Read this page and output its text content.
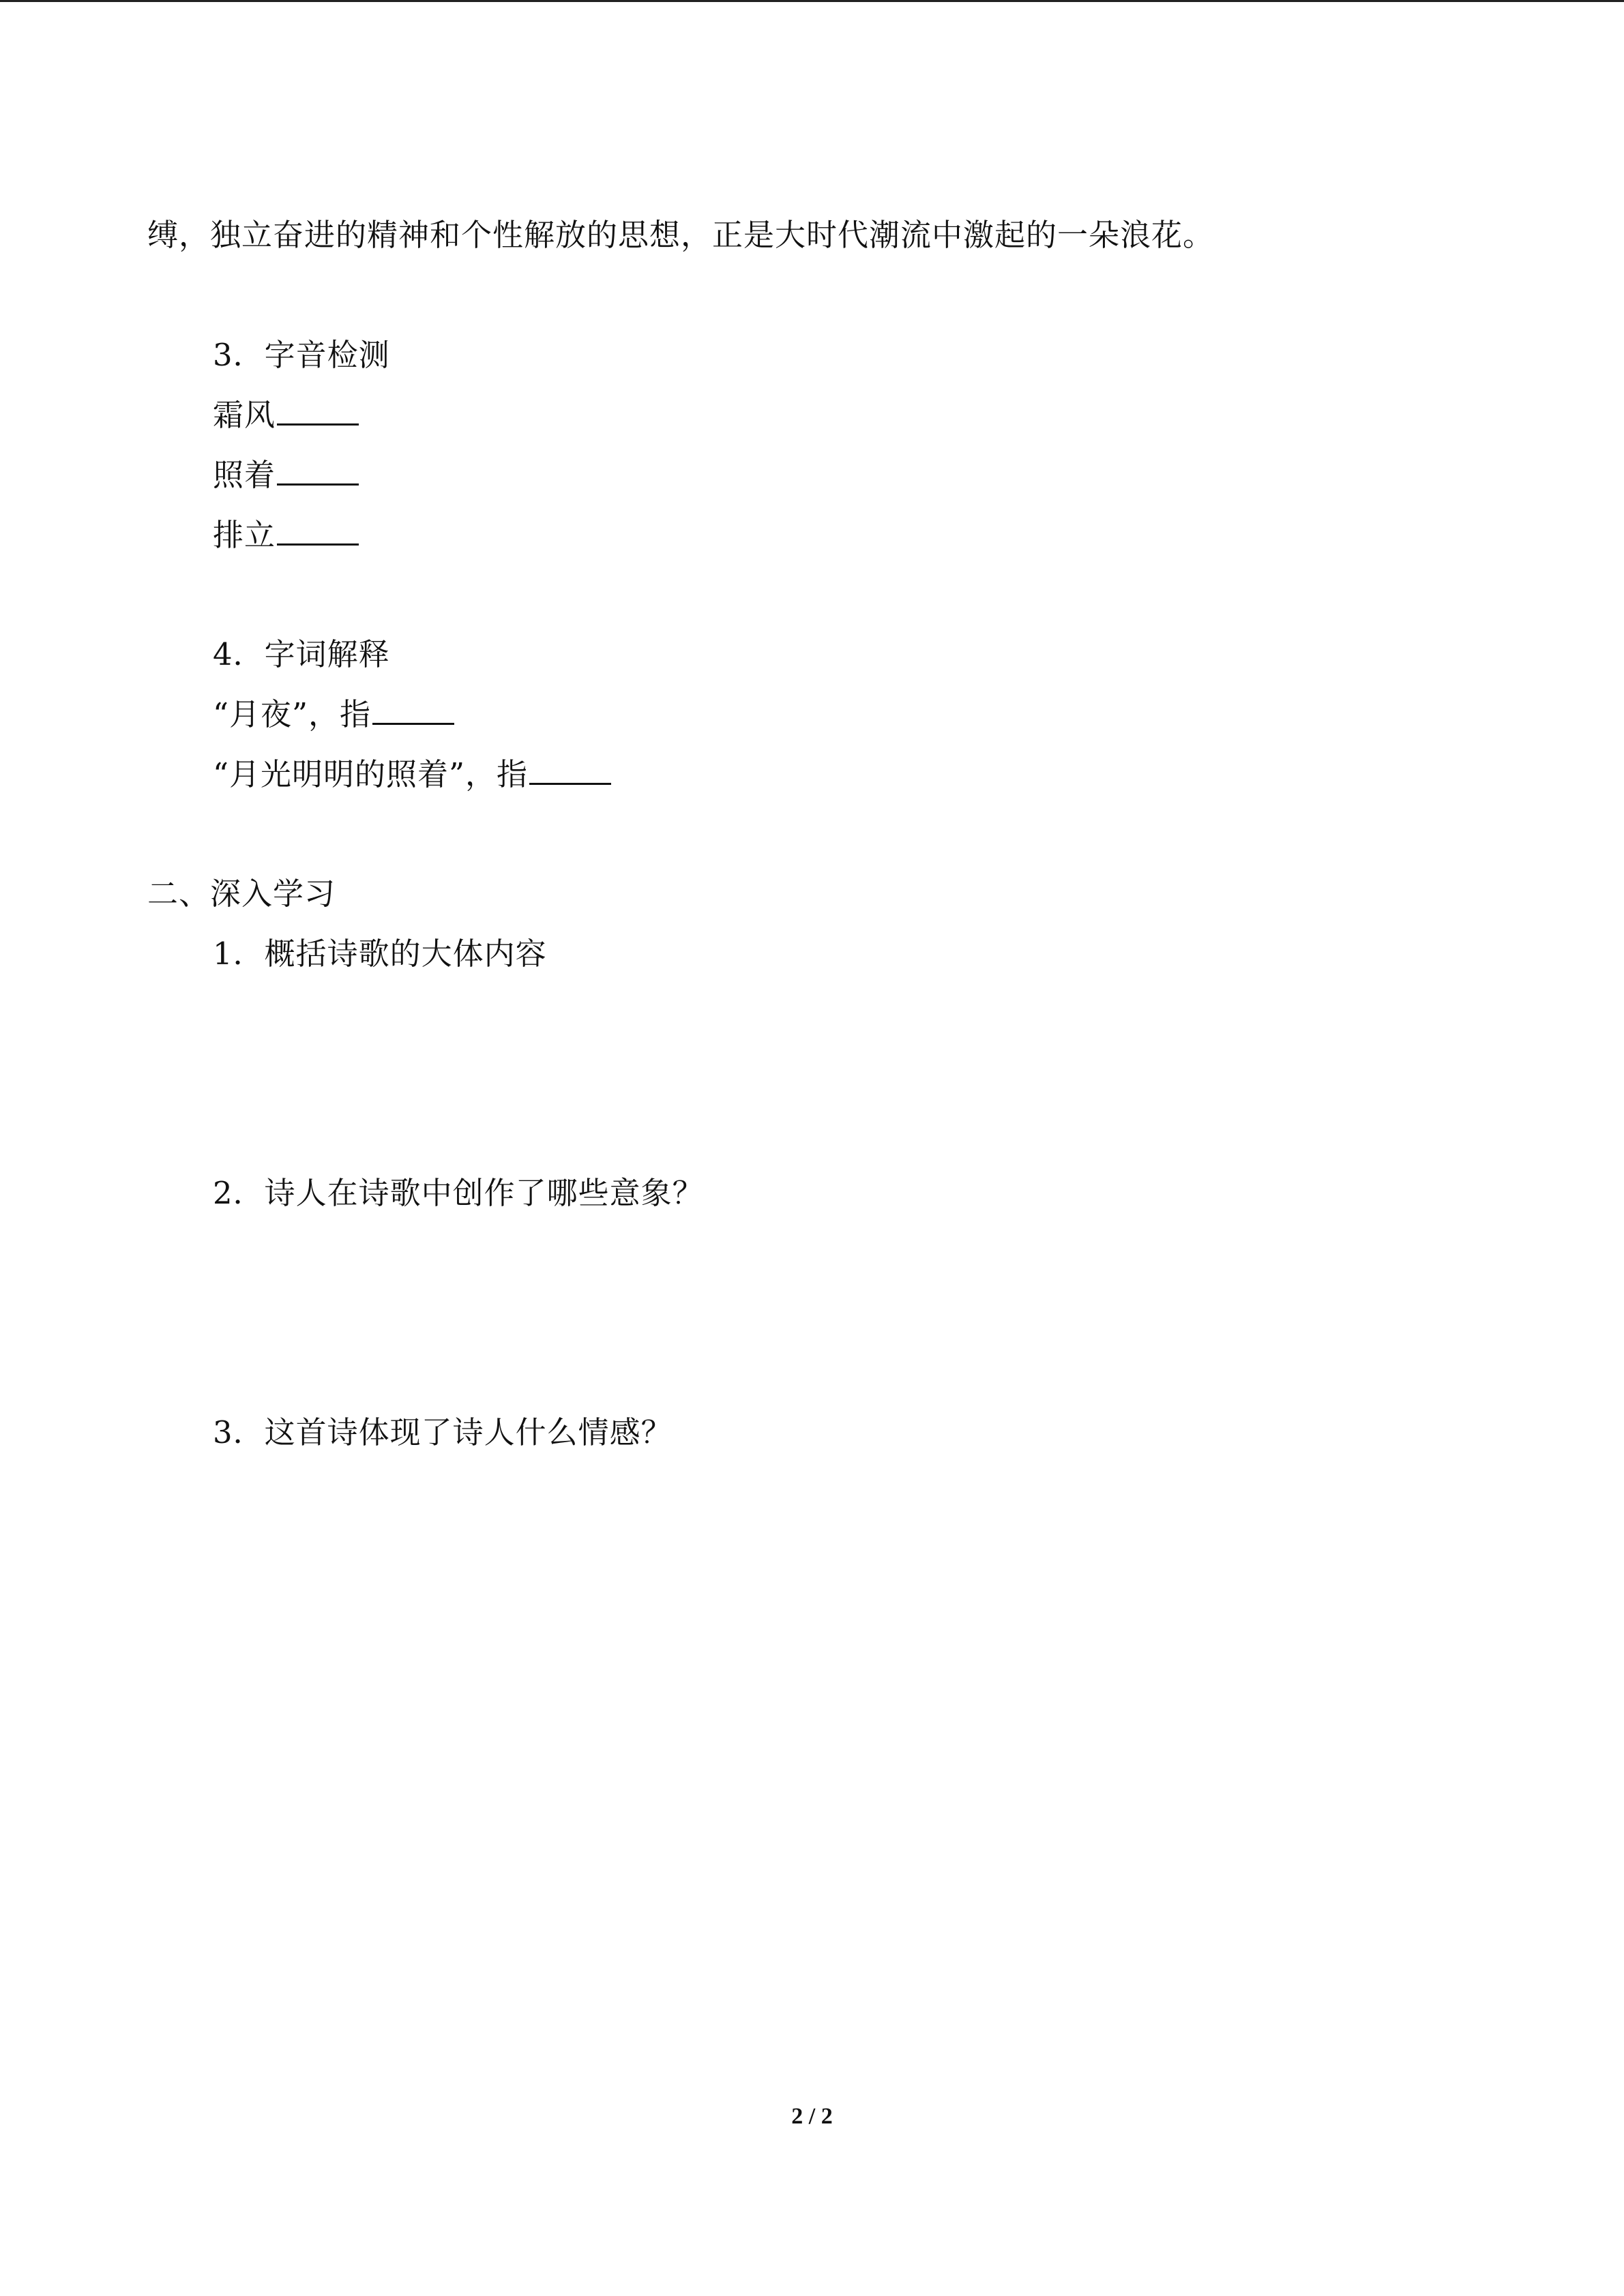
缚，独立奋进的精神和个性解放的思想，正是大时代潮流中激起的一朵浪花。
3．字音检测
霜风
照着
排立
4．字词解释
“月夜”，指
“月光明明的照着”，指
二、深入学习
1．概括诗歌的大体内容
2．诗人在诗歌中创作了哪些意象？
3．这首诗体现了诗人什么情感？
2 / 2
